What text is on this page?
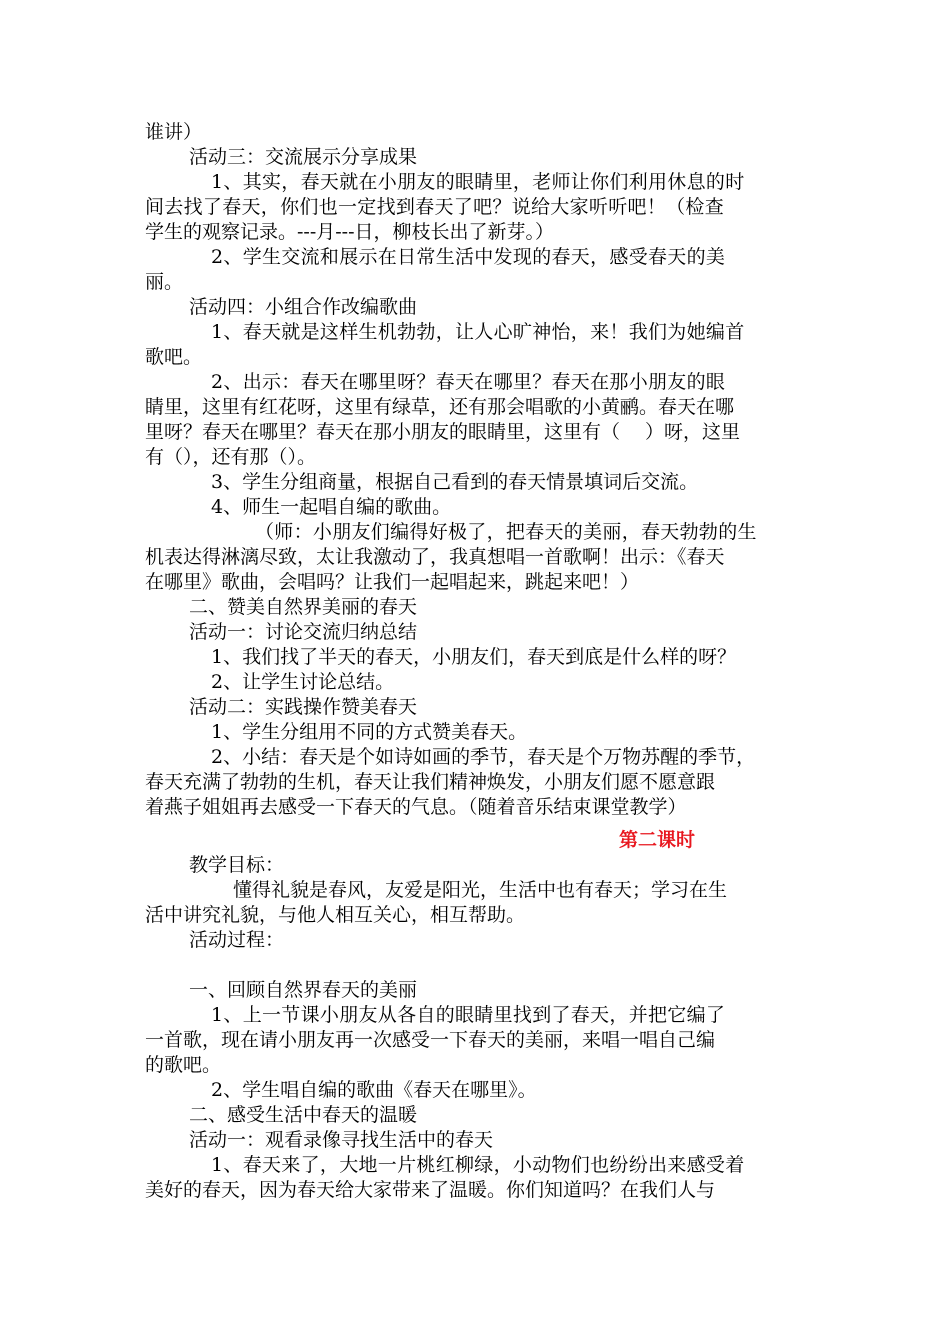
谁讲）
活动三：交流展示分享成果
1、其实，春天就在小朋友的眼睛里，老师让你们利用休息的时
间去找了春天，你们也一定找到春天了吧？说给大家听听吧！（检查
学生的观察记录。---月---日，柳枝长出了新芽。）
2、学生交流和展示在日常生活中发现的春天，感受春天的美
丽。
活动四：小组合作改编歌曲
1、春天就是这样生机勃勃，让人心旷神怡，来！我们为她编首
歌吧。
2、出示：春天在哪里呀？春天在哪里？春天在那小朋友的眼
睛里，这里有红花呀，这里有绿草，还有那会唱歌的小黄鹂。春天在哪
里呀？春天在哪里？春天在那小朋友的眼睛里，这里有（　 ）呀，这里
有（），还有那（）。
3、学生分组商量，根据自己看到的春天情景填词后交流。
4、师生一起唱自编的歌曲。
（师：小朋友们编得好极了，把春天的美丽，春天勃勃的生
机表达得淋漓尽致，太让我激动了，我真想唱一首歌啊！出示：《春天
在哪里》歌曲，会唱吗？让我们一起唱起来，跳起来吧！）
二、赞美自然界美丽的春天
活动一：讨论交流归纳总结
1、我们找了半天的春天，小朋友们，春天到底是什么样的呀？
2、让学生讨论总结。
活动二：实践操作赞美春天
1、学生分组用不同的方式赞美春天。
2、小结：春天是个如诗如画的季节，春天是个万物苏醒的季节，
春天充满了勃勃的生机，春天让我们精神焕发，小朋友们愿不愿意跟
着燕子姐姐再去感受一下春天的气息。（随着音乐结束课堂教学）
第二课时
教学目标：
懂得礼貌是春风，友爱是阳光，生活中也有春天；学习在生
活中讲究礼貌，与他人相互关心，相互帮助。
活动过程：
一、回顾自然界春天的美丽
1、上一节课小朋友从各自的眼睛里找到了春天，并把它编了
一首歌，现在请小朋友再一次感受一下春天的美丽，来唱一唱自己编
的歌吧。
2、学生唱自编的歌曲《春天在哪里》。
二、感受生活中春天的温暖
活动一：观看录像寻找生活中的春天
1、春天来了，大地一片桃红柳绿，小动物们也纷纷出来感受着
美好的春天，因为春天给大家带来了温暖。你们知道吗？在我们人与
